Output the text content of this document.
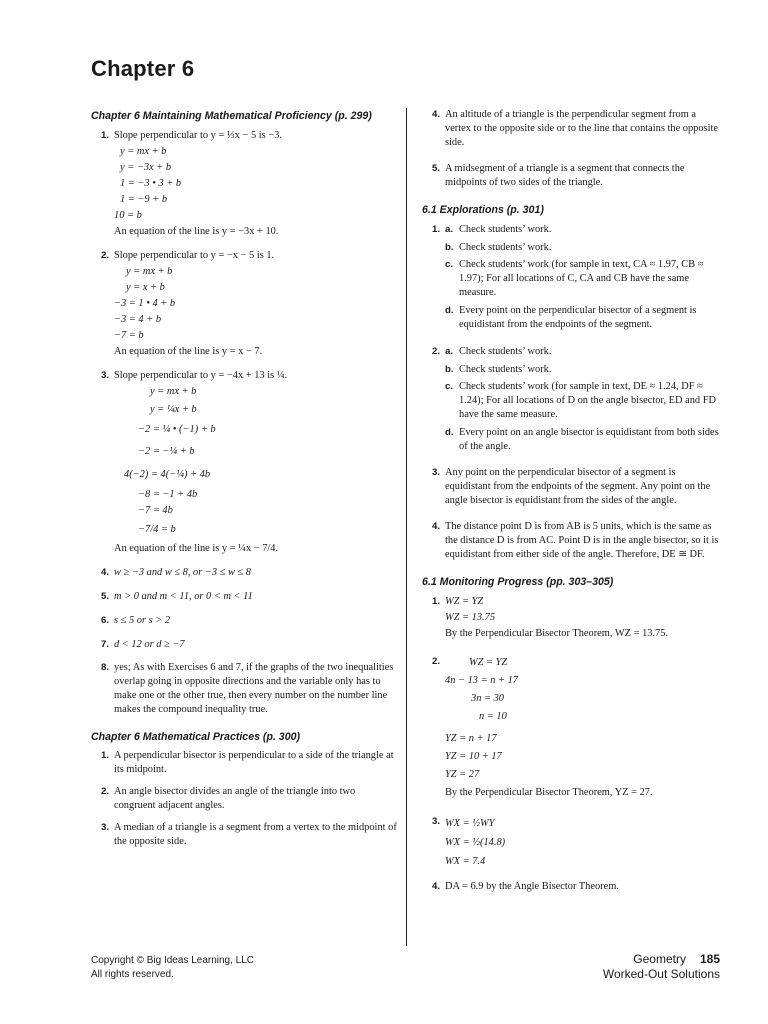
Chapter 6
Chapter 6 Maintaining Mathematical Proficiency (p. 299)
1. Slope perpendicular to y = ⅓x − 5 is −3.
y = mx + b
y = −3x + b
1 = −3 • 3 + b
1 = −9 + b
10 = b
An equation of the line is y = −3x + 10.
2. Slope perpendicular to y = −x − 5 is 1.
y = mx + b
y = x + b
−3 = 1 • 4 + b
−3 = 4 + b
−7 = b
An equation of the line is y = x − 7.
3. Slope perpendicular to y = −4x + 13 is ¼.
y = mx + b
y = ¼x + b
−2 = ¼ • (−1) + b
−2 = −¼ + b
4(−2) = 4(−¼) + 4b
−8 = −1 + 4b
−7 = 4b
−7/4 = b
An equation of the line is y = ¼x − 7/4.
4. w ≥ −3 and w ≤ 8, or −3 ≤ w ≤ 8
5. m > 0 and m < 11, or 0 < m < 11
6. s ≤ 5 or s > 2
7. d < 12 or d ≥ −7
8. yes; As with Exercises 6 and 7, if the graphs of the two inequalities overlap going in opposite directions and the variable only has to make one or the other true, then every number on the number line makes the compound inequality true.
Chapter 6 Mathematical Practices (p. 300)
1. A perpendicular bisector is perpendicular to a side of the triangle at its midpoint.
2. An angle bisector divides an angle of the triangle into two congruent adjacent angles.
3. A median of a triangle is a segment from a vertex to the midpoint of the opposite side.
4. An altitude of a triangle is the perpendicular segment from a vertex to the opposite side or to the line that contains the opposite side.
5. A midsegment of a triangle is a segment that connects the midpoints of two sides of the triangle.
6.1 Explorations (p. 301)
1. a. Check students’ work.
b. Check students’ work.
c. Check students’ work (for sample in text, CA ≈ 1.97, CB ≈ 1.97); For all locations of C, CA and CB have the same measure.
d. Every point on the perpendicular bisector of a segment is equidistant from the endpoints of the segment.
2. a. Check students’ work.
b. Check students’ work.
c. Check students’ work (for sample in text, DE ≈ 1.24, DF ≈ 1.24); For all locations of D on the angle bisector, ED and FD have the same measure.
d. Every point on an angle bisector is equidistant from both sides of the angle.
3. Any point on the perpendicular bisector of a segment is equidistant from the endpoints of the segment. Any point on the angle bisector is equidistant from the sides of the angle.
4. The distance point D is from AB is 5 units, which is the same as the distance D is from AC. Point D is in the angle bisector, so it is equidistant from either side of the angle. Therefore, DE ≅ DF.
6.1 Monitoring Progress (pp. 303–305)
1. WZ = YZ
WZ = 13.75
By the Perpendicular Bisector Theorem, WZ = 13.75.
2.	WZ = YZ
4n − 13 = n + 17
3n = 30
n = 10
YZ = n + 17
YZ = 10 + 17
YZ = 27
By the Perpendicular Bisector Theorem, YZ = 27.
3. WX = ½WY
WX = ½(14.8)
WX = 7.4
4. DA = 6.9 by the Angle Bisector Theorem.
Copyright © Big Ideas Learning, LLC
All rights reserved.
Geometry 185
Worked-Out Solutions
